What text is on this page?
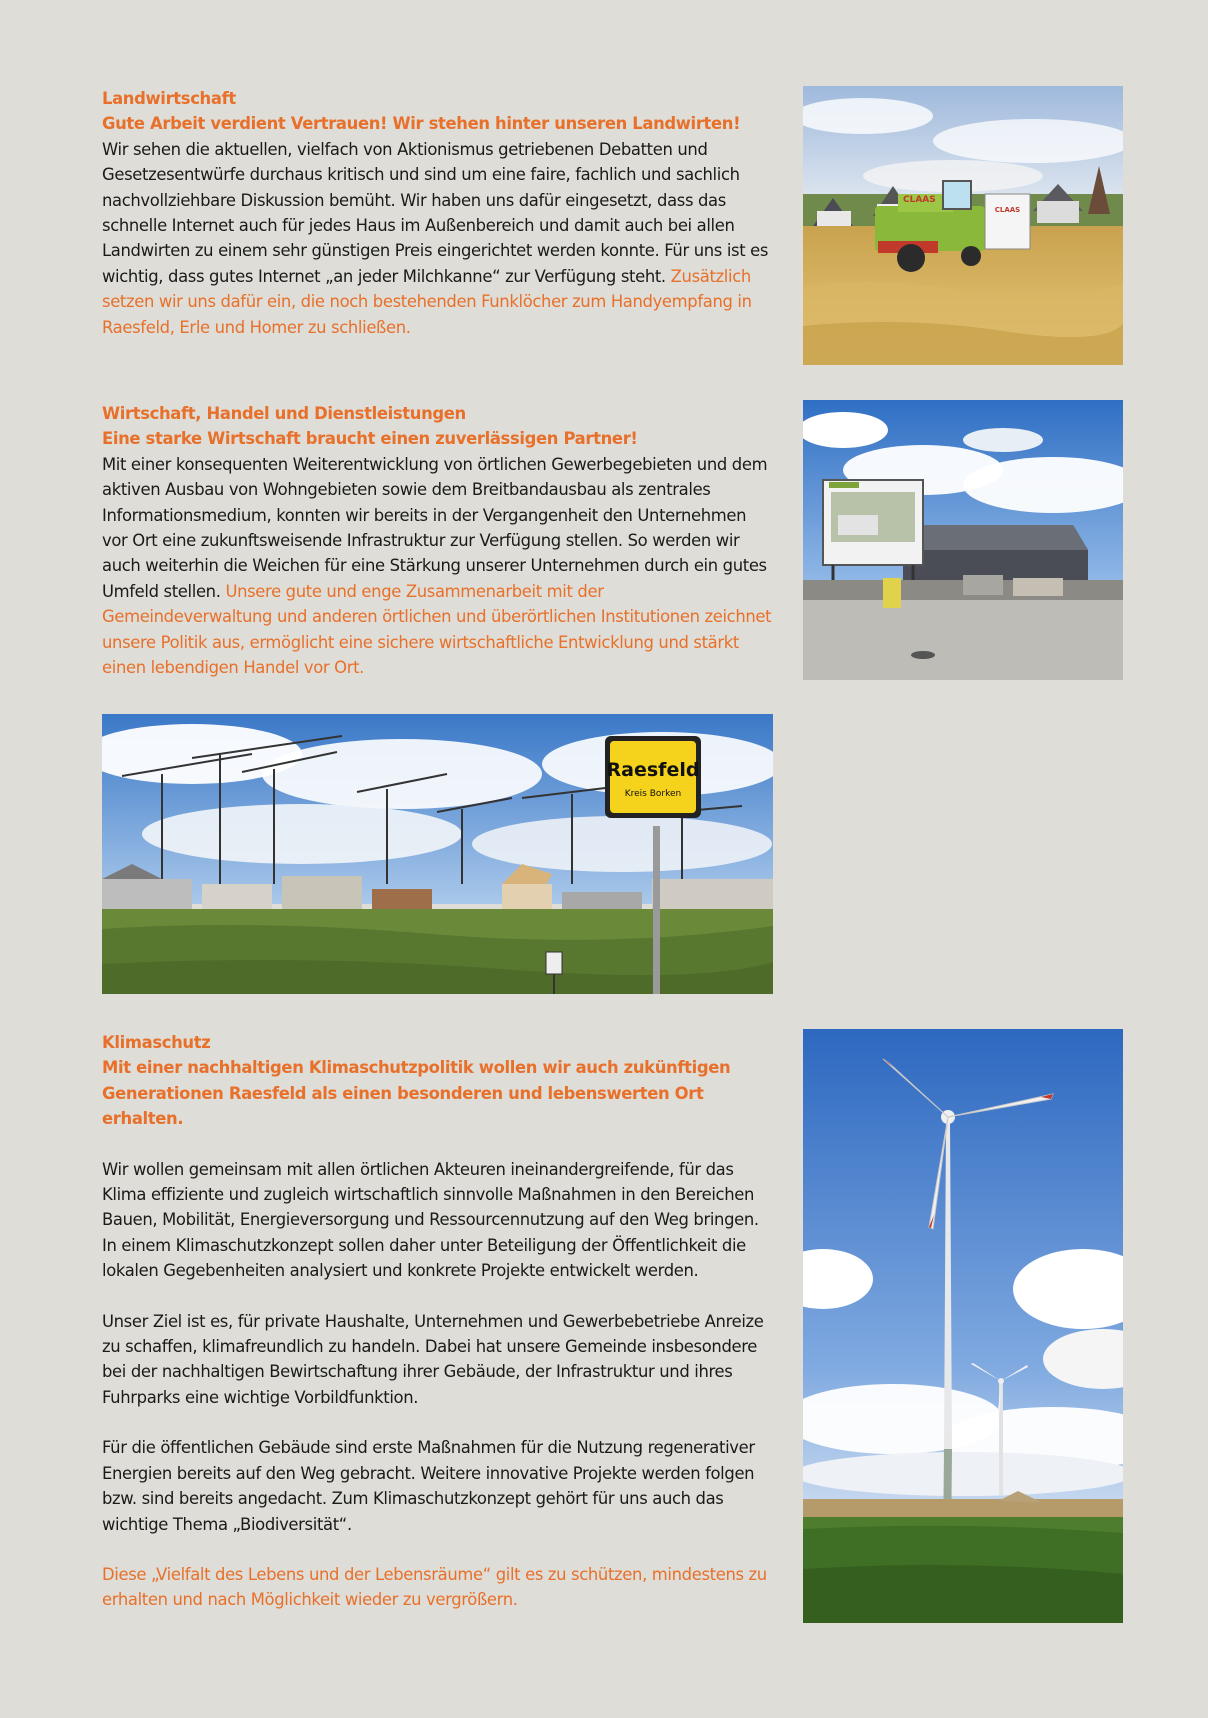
Landwirtschaft

Gute Arbeit verdient Vertrauen! Wir stehen hinter unseren Landwirten!

Wir sehen die aktuellen, vielfach von Aktionismus getriebenen Debatten und Gesetzesentwürfe durchaus kritisch und sind um eine faire, fachlich und sachlich nachvollziehbare Diskussion bemüht. Wir haben uns dafür eingesetzt, dass das schnelle Internet auch für jedes Haus im Außenbereich und damit auch bei allen Landwirten zu einem sehr günstigen Preis eingerichtet werden konnte. Für uns ist es wichtig, dass gutes Internet „an jeder Milchkanne“ zur Verfügung steht. Zusätzlich setzen wir uns dafür ein, die noch bestehenden Funklöcher zum Handyempfang in Raesfeld, Erle und Homer zu schließen.

CLAAS
CLAAS

Wirtschaft, Handel und Dienstleistungen

Eine starke Wirtschaft braucht einen zuverlässigen Partner!

Mit einer konsequenten Weiterentwicklung von örtlichen Gewerbegebieten und dem aktiven Ausbau von Wohngebieten sowie dem Breitbandausbau als zentrales Informationsmedium, konnten wir bereits in der Vergangenheit den Unternehmen vor Ort eine zukunftsweisende Infrastruktur zur Verfügung stellen. So werden wir auch weiterhin die Weichen für eine Stärkung unserer Unternehmen durch ein gutes Umfeld stellen. Unsere gute und enge Zusammenarbeit mit der Gemeindeverwaltung und anderen örtlichen und überörtlichen Institutionen zeichnet unsere Politik aus, ermöglicht eine sichere wirtschaftliche Entwicklung und stärkt einen lebendigen Handel vor Ort.

Raesfeld
Kreis Borken

Klimaschutz

Mit einer nachhaltigen Klimaschutzpolitik wollen wir auch zukünftigen Generationen Raesfeld als einen besonderen und lebenswerten Ort erhalten.

Wir wollen gemeinsam mit allen örtlichen Akteuren ineinandergreifende, für das Klima effiziente und zugleich wirtschaftlich sinnvolle Maßnahmen in den Bereichen Bauen, Mobilität, Energieversorgung und Ressourcennutzung auf den Weg bringen. In einem Klimaschutzkonzept sollen daher unter Beteiligung der Öffentlichkeit die lokalen Gegebenheiten analysiert und konkrete Projekte entwickelt werden.

Unser Ziel ist es, für private Haushalte, Unternehmen und Gewerbebetriebe Anreize zu schaffen, klimafreundlich zu handeln. Dabei hat unsere Gemeinde insbesondere bei der nachhaltigen Bewirtschaftung ihrer Gebäude, der Infrastruktur und ihres Fuhrparks eine wichtige Vorbildfunktion.

Für die öffentlichen Gebäude sind erste Maßnahmen für die Nutzung regenerativer Energien bereits auf den Weg gebracht. Weitere innovative Projekte werden folgen bzw. sind bereits angedacht. Zum Klimaschutzkonzept gehört für uns auch das wichtige Thema „Biodiversität“.

Diese „Vielfalt des Lebens und der Lebensräume“ gilt es zu schützen, mindestens zu erhalten und nach Möglichkeit wieder zu vergrößern.
